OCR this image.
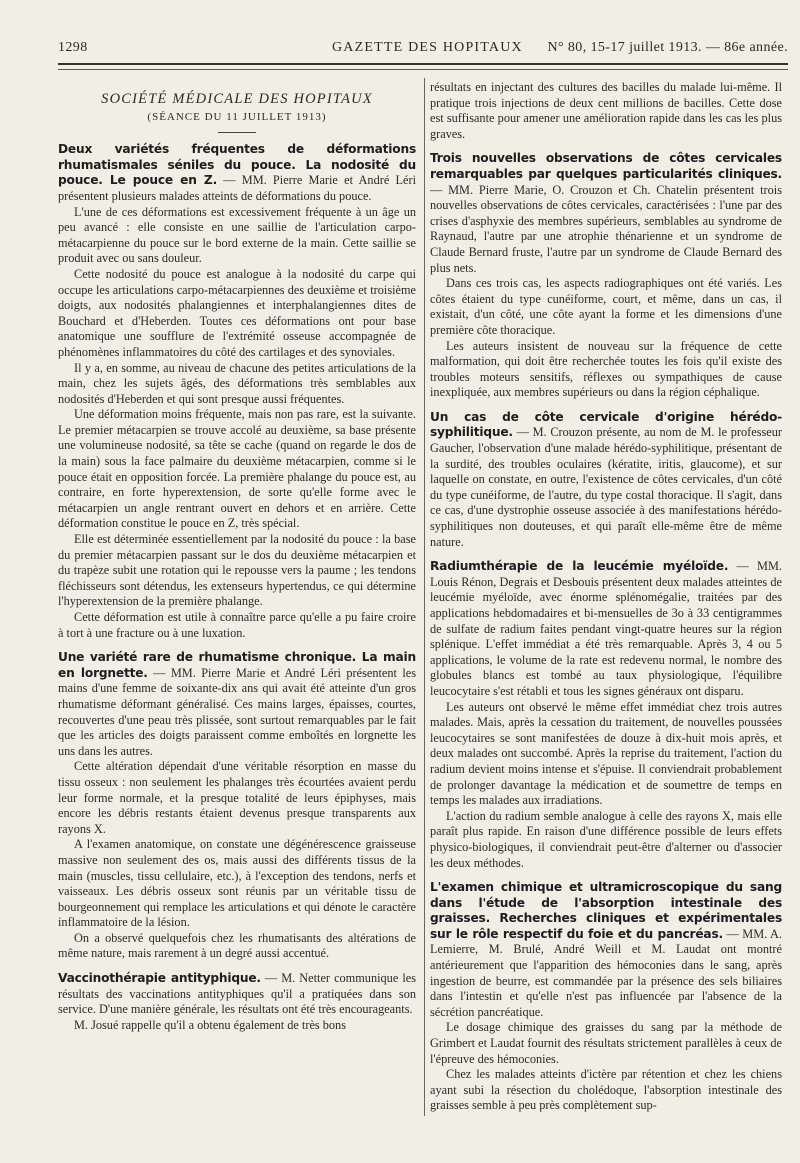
1298	GAZETTE DES HOPITAUX N° 80, 15-17 juillet 1913. — 86e année.
SOCIÉTÉ MÉDICALE DES HOPITAUX
(SÉANCE DU 11 JUILLET 1913)

Deux variétés fréquentes de déformations rhumatismales séniles du pouce. La nodosité du pouce. Le pouce en Z. — MM. Pierre Marie et André Léri présentent plusieurs malades atteints de déformations du pouce.

L'une de ces déformations est excessivement fréquente à un âge un peu avancé : elle consiste en une saillie de l'articulation carpo-métacarpienne du pouce sur le bord externe de la main. Cette saillie se produit avec ou sans douleur.

Cette nodosité du pouce est analogue à la nodosité du carpe qui occupe les articulations carpo-métacarpiennes des deuxième et troisième doigts, aux nodosités phalangiennes et interphalangiennes dites de Bouchard et d'Heberden. Toutes ces déformations ont pour base anatomique une soufflure de l'extrémité osseuse accompagnée de phénomènes inflammatoires du côté des cartilages et des synoviales.

Il y a, en somme, au niveau de chacune des petites articulations de la main, chez les sujets âgés, des déformations très semblables aux nodosités d'Heberden et qui sont presque aussi fréquentes.

Une déformation moins fréquente, mais non pas rare, est la suivante. Le premier métacarpien se trouve accolé au deuxième, sa base présente une volumineuse nodosité, sa tête se cache (quand on regarde le dos de la main) sous la face palmaire du deuxième métacarpien, comme si le pouce était en opposition forcée. La première phalange du pouce est, au contraire, en forte hyperextension, de sorte qu'elle forme avec le métacarpien un angle rentrant ouvert en dehors et en arrière. Cette déformation constitue le pouce en Z, très spécial.

Elle est déterminée essentiellement par la nodosité du pouce : la base du premier métacarpien passant sur le dos du deuxième métacarpien et du trapèze subit une rotation qui le repousse vers la paume ; les tendons fléchisseurs sont détendus, les extenseurs hypertendus, ce qui détermine l'hyperextension de la première phalange.

Cette déformation est utile à connaître parce qu'elle a pu faire croire à tort à une fracture ou à une luxation.

Une variété rare de rhumatisme chronique. La main en lorgnette. — MM. Pierre Marie et André Léri présentent les mains d'une femme de soixante-dix ans qui avait été atteinte d'un gros rhumatisme déformant généralisé. Ces mains larges, épaisses, courtes, recouvertes d'une peau très plissée, sont surtout remarquables par le fait que les articles des doigts paraissent comme emboîtés en lorgnette les uns dans les autres.

Cette altération dépendait d'une véritable résorption en masse du tissu osseux : non seulement les phalanges très écourtées avaient perdu leur forme normale, et la presque totalité de leurs épiphyses, mais encore les débris restants étaient devenus presque transparents aux rayons X.

A l'examen anatomique, on constate une dégénérescence graisseuse massive non seulement des os, mais aussi des différents tissus de la main (muscles, tissu cellulaire, etc.), à l'exception des tendons, nerfs et vaisseaux. Les débris osseux sont réunis par un véritable tissu de bourgeonnement qui remplace les articulations et qui dénote le caractère inflammatoire de la lésion.

On a observé quelquefois chez les rhumatisants des altérations de même nature, mais rarement à un degré aussi accentué.

Vaccinothérapie antityphique. — M. Netter communique les résultats des vaccinations antityphiques qu'il a pratiquées dans son service. D'une manière générale, les résultats ont été très encourageants.

M. Josué rappelle qu'il a obtenu également de très bons

résultats en injectant des cultures des bacilles du malade lui-même. Il pratique trois injections de deux cent millions de bacilles. Cette dose est suffisante pour amener une amélioration rapide dans les cas les plus graves.

Trois nouvelles observations de côtes cervicales remarquables par quelques particularités cliniques. — MM. Pierre Marie, O. Crouzon et Ch. Chatelin présentent trois nouvelles observations de côtes cervicales, caractérisées : l'une par des crises d'asphyxie des membres supérieurs, semblables au syndrome de Raynaud, l'autre par une atrophie thénarienne et un syndrome de Claude Bernard fruste, l'autre par un syndrome de Claude Bernard des plus nets.

Dans ces trois cas, les aspects radiographiques ont été variés. Les côtes étaient du type cunéiforme, court, et même, dans un cas, il existait, d'un côté, une côte ayant la forme et les dimensions d'une première côte thoracique.

Les auteurs insistent de nouveau sur la fréquence de cette malformation, qui doit être recherchée toutes les fois qu'il existe des troubles moteurs sensitifs, réflexes ou sympathiques de cause inexpliquée, aux membres supérieurs ou dans la région céphalique.

Un cas de côte cervicale d'origine hérédo-syphilitique. — M. Crouzon présente, au nom de M. le professeur Gaucher, l'observation d'une malade hérédo-syphilitique, présentant de la surdité, des troubles oculaires (kératite, iritis, glaucome), et sur laquelle on constate, en outre, l'existence de côtes cervicales, d'un côté du type cunéiforme, de l'autre, du type costal thoracique. Il s'agit, dans ce cas, d'une dystrophie osseuse associée à des manifestations hérédo-syphilitiques non douteuses, et qui paraît elle-même être de même nature.

Radiumthérapie de la leucémie myéloïde. — MM. Louis Rénon, Degrais et Desbouis présentent deux malades atteintes de leucémie myéloïde, avec énorme splénomégalie, traitées par des applications hebdomadaires et bi-mensuelles de 3o à 33 centigrammes de sulfate de radium faites pendant vingt-quatre heures sur la région splénique. L'effet immédiat a été très remarquable. Après 3, 4 ou 5 applications, le volume de la rate est redevenu normal, le nombre des globules blancs est tombé au taux physiologique, l'équilibre leucocytaire s'est rétabli et tous les signes généraux ont disparu.

Les auteurs ont observé le même effet immédiat chez trois autres malades. Mais, après la cessation du traitement, de nouvelles poussées leucocytaires se sont manifestées de douze à dix-huit mois après, et deux malades ont succombé. Après la reprise du traitement, l'action du radium devient moins intense et s'épuise. Il conviendrait probablement de prolonger davantage la médication et de soumettre de temps en temps les malades aux irradiations.

L'action du radium semble analogue à celle des rayons X, mais elle paraît plus rapide. En raison d'une différence possible de leurs effets physico-biologiques, il conviendrait peut-être d'alterner ou d'associer les deux méthodes.

L'examen chimique et ultramicroscopique du sang dans l'étude de l'absorption intestinale des graisses. Recherches cliniques et expérimentales sur le rôle respectif du foie et du pancréas. — MM. A. Lemierre, M. Brulé, André Weill et M. Laudat ont montré antérieurement que l'apparition des hémoconies dans le sang, après ingestion de beurre, est commandée par la présence des sels biliaires dans l'intestin et qu'elle n'est pas influencée par l'absence de la sécrétion pancréatique.

Le dosage chimique des graisses du sang par la méthode de Grimbert et Laudat fournit des résultats strictement parallèles à ceux de l'épreuve des hémoconies.

Chez les malades atteints d'ictère par rétention et chez les chiens ayant subi la résection du cholédoque, l'absorption intestinale des graisses semble à peu près complètement sup-
